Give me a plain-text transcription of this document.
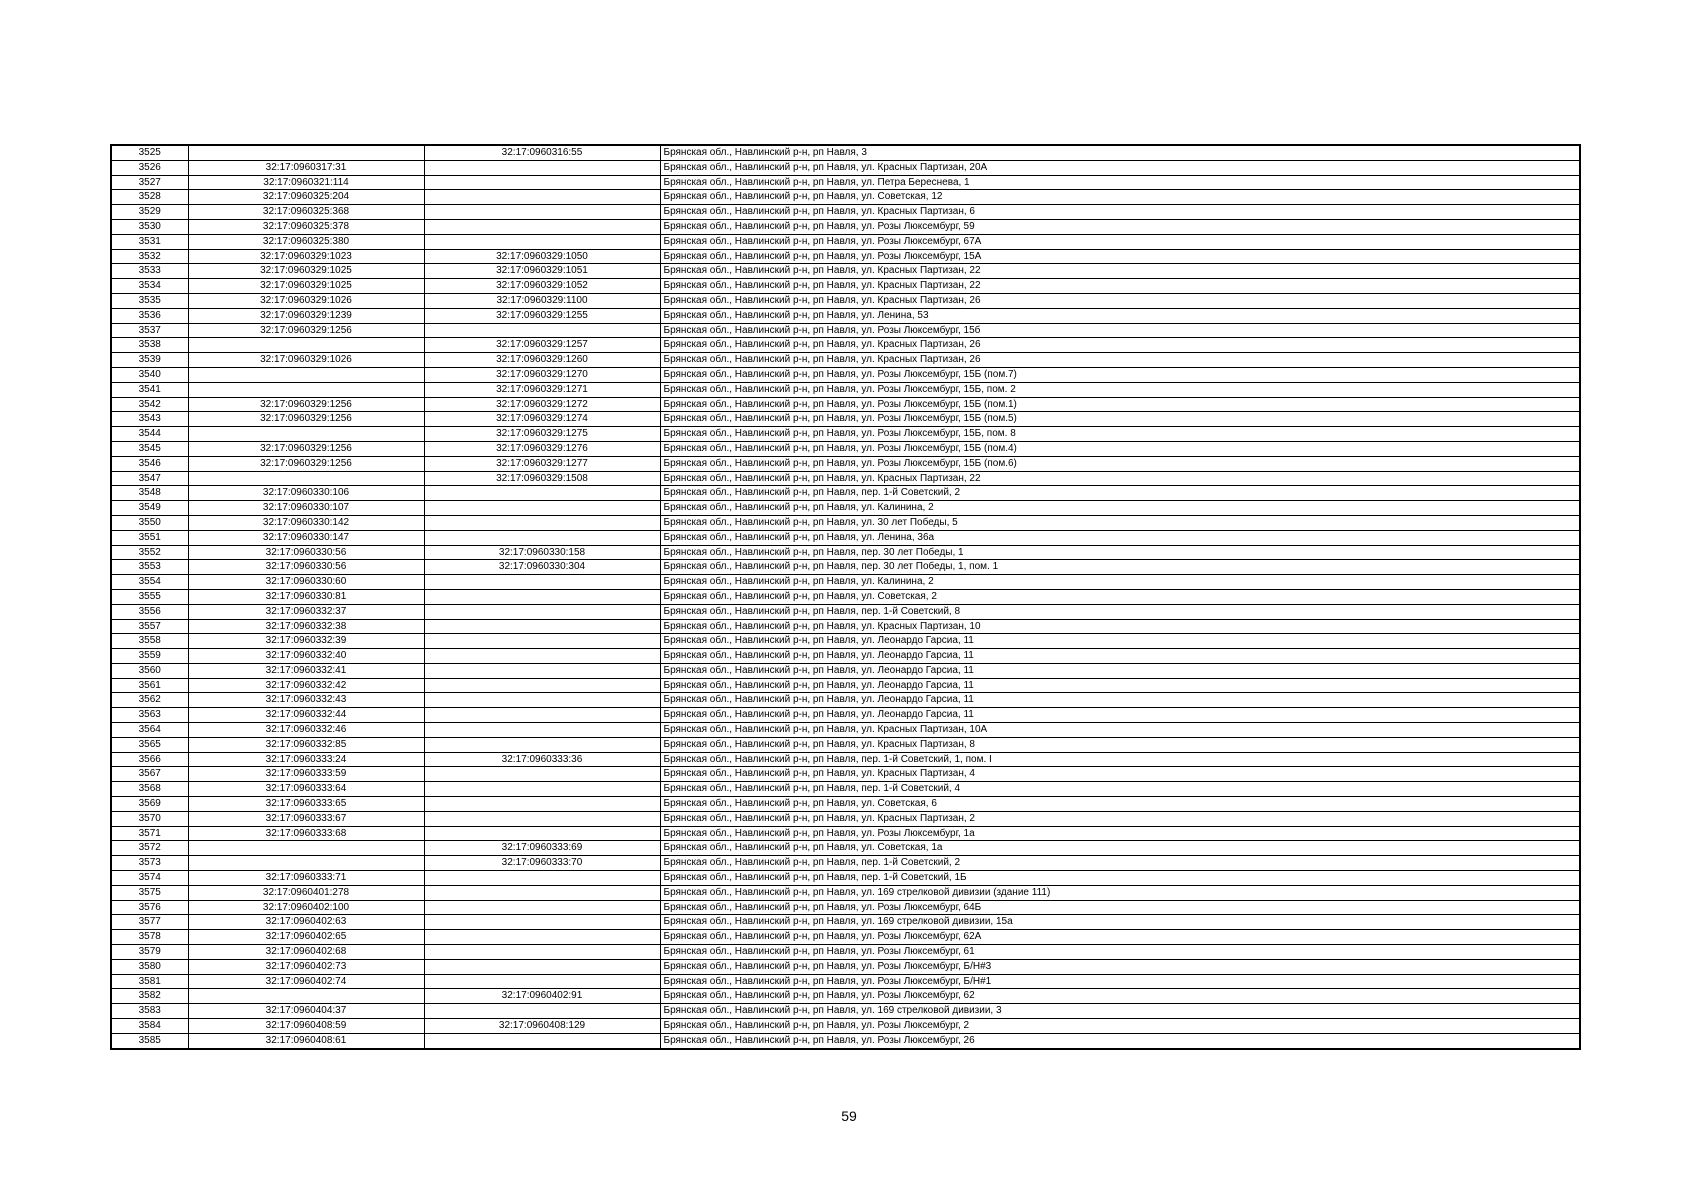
3525		32:17:0960316:55	Брянская обл., Навлинский р-н, рп Навля, 3
3526	32:17:0960317:31		Брянская обл., Навлинский р-н, рп Навля, ул. Красных Партизан, 20А
3527	32:17:0960321:114		Брянская обл., Навлинский р-н, рп Навля, ул. Петра Береснева, 1
3528	32:17:0960325:204		Брянская обл., Навлинский р-н, рп Навля, ул. Советская, 12
3529	32:17:0960325:368		Брянская обл., Навлинский р-н, рп Навля, ул. Красных Партизан, 6
3530	32:17:0960325:378		Брянская обл., Навлинский р-н, рп Навля, ул. Розы Люксембург, 59
3531	32:17:0960325:380		Брянская обл., Навлинский р-н, рп Навля, ул. Розы Люксембург, 67А
3532	32:17:0960329:1023	32:17:0960329:1050	Брянская обл., Навлинский р-н, рп Навля, ул. Розы Люксембург, 15А
3533	32:17:0960329:1025	32:17:0960329:1051	Брянская обл., Навлинский р-н, рп Навля, ул. Красных Партизан, 22
3534	32:17:0960329:1025	32:17:0960329:1052	Брянская обл., Навлинский р-н, рп Навля, ул. Красных Партизан, 22
3535	32:17:0960329:1026	32:17:0960329:1100	Брянская обл., Навлинский р-н, рп Навля, ул. Красных Партизан, 26
3536	32:17:0960329:1239	32:17:0960329:1255	Брянская обл., Навлинский р-н, рп Навля, ул. Ленина, 53
3537	32:17:0960329:1256		Брянская обл., Навлинский р-н, рп Навля, ул. Розы Люксембург, 15б
3538		32:17:0960329:1257	Брянская обл., Навлинский р-н, рп Навля, ул. Красных Партизан, 26
3539	32:17:0960329:1026	32:17:0960329:1260	Брянская обл., Навлинский р-н, рп Навля, ул. Красных Партизан, 26
3540		32:17:0960329:1270	Брянская обл., Навлинский р-н, рп Навля, ул. Розы Люксембург, 15Б (пом.7)
3541		32:17:0960329:1271	Брянская обл., Навлинский р-н, рп Навля, ул. Розы Люксембург, 15Б, пом. 2
3542	32:17:0960329:1256	32:17:0960329:1272	Брянская обл., Навлинский р-н, рп Навля, ул. Розы Люксембург, 15Б (пом.1)
3543	32:17:0960329:1256	32:17:0960329:1274	Брянская обл., Навлинский р-н, рп Навля, ул. Розы Люксембург, 15Б (пом.5)
3544		32:17:0960329:1275	Брянская обл., Навлинский р-н, рп Навля, ул. Розы Люксембург, 15Б, пом. 8
3545	32:17:0960329:1256	32:17:0960329:1276	Брянская обл., Навлинский р-н, рп Навля, ул. Розы Люксембург, 15Б (пом.4)
3546	32:17:0960329:1256	32:17:0960329:1277	Брянская обл., Навлинский р-н, рп Навля, ул. Розы Люксембург, 15Б (пом.6)
3547		32:17:0960329:1508	Брянская обл., Навлинский р-н, рп Навля, ул. Красных Партизан, 22
3548	32:17:0960330:106		Брянская обл., Навлинский р-н, рп Навля, пер. 1-й Советский, 2
3549	32:17:0960330:107		Брянская обл., Навлинский р-н, рп Навля, ул. Калинина, 2
3550	32:17:0960330:142		Брянская обл., Навлинский р-н, рп Навля, ул. 30 лет Победы, 5
3551	32:17:0960330:147		Брянская обл., Навлинский р-н, рп Навля, ул. Ленина, 36а
3552	32:17:0960330:56	32:17:0960330:158	Брянская обл., Навлинский р-н, рп Навля, пер. 30 лет Победы, 1
3553	32:17:0960330:56	32:17:0960330:304	Брянская обл., Навлинский р-н, рп Навля, пер. 30 лет Победы, 1, пом. 1
3554	32:17:0960330:60		Брянская обл., Навлинский р-н, рп Навля, ул. Калинина, 2
3555	32:17:0960330:81		Брянская обл., Навлинский р-н, рп Навля, ул. Советская, 2
3556	32:17:0960332:37		Брянская обл., Навлинский р-н, рп Навля, пер. 1-й Советский, 8
3557	32:17:0960332:38		Брянская обл., Навлинский р-н, рп Навля, ул. Красных Партизан, 10
3558	32:17:0960332:39		Брянская обл., Навлинский р-н, рп Навля, ул. Леонардо Гарсиа, 11
3559	32:17:0960332:40		Брянская обл., Навлинский р-н, рп Навля, ул. Леонардо Гарсиа, 11
3560	32:17:0960332:41		Брянская обл., Навлинский р-н, рп Навля, ул. Леонардо Гарсиа, 11
3561	32:17:0960332:42		Брянская обл., Навлинский р-н, рп Навля, ул. Леонардо Гарсиа, 11
3562	32:17:0960332:43		Брянская обл., Навлинский р-н, рп Навля, ул. Леонардо Гарсиа, 11
3563	32:17:0960332:44		Брянская обл., Навлинский р-н, рп Навля, ул. Леонардо Гарсиа, 11
3564	32:17:0960332:46		Брянская обл., Навлинский р-н, рп Навля, ул. Красных Партизан, 10А
3565	32:17:0960332:85		Брянская обл., Навлинский р-н, рп Навля, ул. Красных Партизан, 8
3566	32:17:0960333:24	32:17:0960333:36	Брянская обл., Навлинский р-н, рп Навля, пер. 1-й Советский, 1, пом. I
3567	32:17:0960333:59		Брянская обл., Навлинский р-н, рп Навля, ул. Красных Партизан, 4
3568	32:17:0960333:64		Брянская обл., Навлинский р-н, рп Навля, пер. 1-й Советский, 4
3569	32:17:0960333:65		Брянская обл., Навлинский р-н, рп Навля, ул. Советская, 6
3570	32:17:0960333:67		Брянская обл., Навлинский р-н, рп Навля, ул. Красных Партизан, 2
3571	32:17:0960333:68		Брянская обл., Навлинский р-н, рп Навля, ул. Розы Люксембург, 1а
3572		32:17:0960333:69	Брянская обл., Навлинский р-н, рп Навля, ул. Советская, 1а
3573		32:17:0960333:70	Брянская обл., Навлинский р-н, рп Навля, пер. 1-й Советский, 2
3574	32:17:0960333:71		Брянская обл., Навлинский р-н, рп Навля, пер. 1-й Советский, 1Б
3575	32:17:0960401:278		Брянская обл., Навлинский р-н, рп Навля, ул. 169 стрелковой дивизии (здание 111)
3576	32:17:0960402:100		Брянская обл., Навлинский р-н, рп Навля, ул. Розы Люксембург, 64Б
3577	32:17:0960402:63		Брянская обл., Навлинский р-н, рп Навля, ул. 169 стрелковой дивизии, 15а
3578	32:17:0960402:65		Брянская обл., Навлинский р-н, рп Навля, ул. Розы Люксембург, 62А
3579	32:17:0960402:68		Брянская обл., Навлинский р-н, рп Навля, ул. Розы Люксембург, 61
3580	32:17:0960402:73		Брянская обл., Навлинский р-н, рп Навля, ул. Розы Люксембург, Б/Н#3
3581	32:17:0960402:74		Брянская обл., Навлинский р-н, рп Навля, ул. Розы Люксембург, Б/Н#1
3582		32:17:0960402:91	Брянская обл., Навлинский р-н, рп Навля, ул. Розы Люксембург, 62
3583	32:17:0960404:37		Брянская обл., Навлинский р-н, рп Навля, ул. 169 стрелковой дивизии, 3
3584	32:17:0960408:59	32:17:0960408:129	Брянская обл., Навлинский р-н, рп Навля, ул. Розы Люксембург, 2
3585	32:17:0960408:61		Брянская обл., Навлинский р-н, рп Навля, ул. Розы Люксембург, 26
59
